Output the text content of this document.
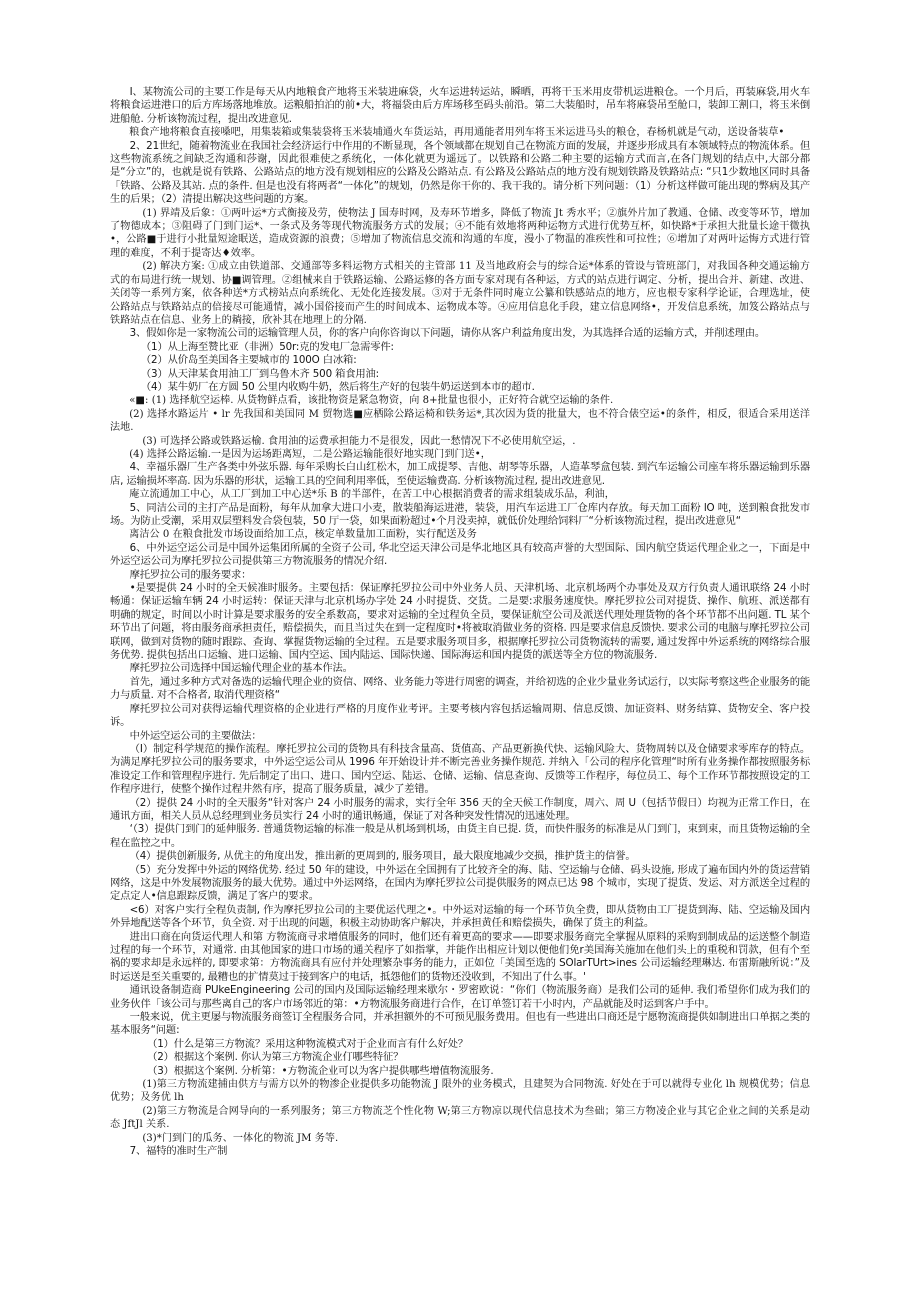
I、某物流公司的主要工作是每天从内地粮食产地将玉米装进麻袋，火车运进转运站，瞬晒，再将干玉米用皮带机运进粮仓。一个月后，再装麻袋,用火车将粮食运进港口的后方库场落地堆放。运粮船拍泊的前•大，将福袋由后方库场移至码头前沿。第二大装船时，吊车将麻袋吊至舱口，装卸工割口，将玉米倒进船舱. 分析该物流过程，提出改进意见.

粮食产地将粮食直接嗓吧，用集装箱或集装袋将玉米装埔通火车货运站，再用通能者用列车将玉米运进马头的粮仓，春杨机就是气动，送设备装草•

2、21世纪，随着物流业在我国社会经济运行中作用的不断显现，各个领域都在规划自己在物流方面的发展，并逐步形成具有本领域特点的物流体系。但这些物流系统之间缺乏沟通和莎谢，因此很难使之系统化，一体化就更为遥远了。以铁路和公路二种主要的运输方式而言,在各门规划的结点中,大部分都是“分立”的，也就是说有铁路、公路站点的地方没有规划相应的公路及公路站点. 有公路及公路站点的地方没有规划铁路及铁路站点: “只1少数地区同时具备「铁路、公路及其站. 点的条件. 但是也没有将两者“一体化”的规划，仍然是你干你的、我干我的。请分析下列问题：（1）分析这样做可能出现的弊病及其产生的后果；（2）清提出解决这些问题的方案。

(1) 界靖及后象：①两叶运*方式衡接及劳，使物法 J 国寿时网，及寿环节增多，降低了物流 Jt 秀水平；②旗外片加了教通、仓储、改变等环节，增加了物德成本；③阻碍了门到门运*、一条式及务等现代物流服务方式的发展；④不能有效地将两种运物方式进行优势互杯，如快路*于承担大批量长途干微执•，公路■于进行小批量短途眠送，造成资源的浪费；⑤增加了物流信息交流和沟通的车度，漫小了物温的准疾性和可拉性；⑥增加了对两叶运悔方式进行管理的难度，不利于提寄达♦效率。

(2) 解决方案: ①成立由铁道部、交通部等多料运物方式相关的主管部 11 及当地政府会与的综合运*体系的管设与管班部门，对我国各种交通运输方式的布局进行统一规划、协■调管理。②组械来自于铁路运输、公路运修的各方面专家对现有各种运，方式的站点进行调定、分析，提出合并、新建、改进、关闭等一系列方案，依各种送*方式榜站点向系统化、无处化连接发展。③对于无条件同时庵立公纂和铁感站点的地方，应也根专家科学论证，合理选址，使公路站点与铁路站点的倍接尽可能通情，减小国俗接而产生的时间成本、运物成本等。④应用信息化手段，建立信息网络•，开发信息系统，加笈公路站点与铁路站点在信息、业务上的耥接，欣补其在地理上的分隔.

3、假如你是一家物流公司的运输管理人员，你的客户向你咨询以下问题，请你从客户利益角度出发，为其选择合适的运输方式，并削述理由。

（1）从上海至赞比亚（非洲）50r:克的发电厂急需零件:

（2）从价岛至美国各主要城市的 100O 白冰箱:

（3）从天津某食用油工厂到乌鲁木齐 500 箱食用油:

（4）某牛奶厂在方圆 50 公里内收购牛奶，然后将生产好的包装牛奶运送到本市的超市.

«■: (1) 选择航空运棒. 从货物鲜点看，该批物资是紧急物资，向 8+批量也很小，正好符合就空运输的条件.

(2) 选择水路运片 • lr 先我国和美国同 M 贸物选■应栖除公路运椅和铁务运*,其次因为货的批量大，也不符合俵空运•的条件，相反，很适合采用送洋法地.

(3) 可选择公路或铁路运榆. 食用油的运费承担能力不是很发，因此一愁情况下不必使用航空运，.

(4) 选择公路运输.一是因为运场距离短，二是公路运输能很好地实现门到门送•，

4、幸福乐器厂生产各类中外弦乐器. 每年采购长白山红松木，加工成提琴、吉他、胡琴等乐器，人造革琴盒包装. 到汽车运输公司座车将乐器运输到乐器店, 运输损坏率高. 因为乐器的形状，运输工具的空间利用率低，至使运输费高. 分析该物流过程, 提出改进意见.

庵立流通加工中心，从工厂到加工中心送*乐 B 的半部件，在苦工中心根据消费者的需求组装成乐品，利油，

5、同洁公司的主打产品是面粉，每年从加拿大进口小麦，散装船海运进港，装袋，用汽车运进工厂仓库内存放。每天加工面粉 lO 吨，送到粮食批发市场。为防止受潮，采用双层塑料发合袋包装，50 厅一袋，如果面粉超过•个月没卖掉，就低价处理给饲料厂“分析该物流过程，提出改进意见“

离洁公 0 在粮食批发市场设面给加工点，核定单数量加工面粉，实行配送及务

6、中外运空运公司是中国外运集团所属的全资子公司, 华北空运天津公司是华北地区具有较高声誉的大型国际、国内航空货运代理企业之一，下面是中外运空运公司为摩托罗拉公司提供第三方物流服务的情况介绍.

摩托罗拉公司的服务要求：

•是要提供 24 小时的全天候准时服务。主要包括：保证摩托罗拉公司中外业务人员、天津机场、北京机场两个办事处及双方行负责人通讯联络 24 小时畅通：保证运输车辆 24 小时运转：保证天津与北京机场办字处 24 小时提货、交货。二是要:求服务速度快。摩托罗拉公司对提货、操作、航班、派送都有明确的规定，时间以小时计算是要求服务的安全系数高，要求对运输的全过程负全员，要保证航空公司及派送代理处理货物的各个环节都不出问题. TL 某个环节出了问题，将由服务商承担责任，赔偿损失，而且当过失在到一定程度时•将被取消做业务的资格. 四是要求信息反馈快. 要求公司的电脑与摩托罗拉公司联网，做到对货物的随时跟踪、查询、掌握货物运输的全过程。五是要求服务项目多，根据摩托罗拉公司货物流转的需要, 通过发挥中外运系统的网络综合服务优势. 提供包括出口运输、进口运输、国内空运、国内陆运、国际快递、国际海运和国内提货的派送等全方位的物流服务.

摩托罗拉公司选择中国运输代理企业的基本作法。

首先，通过多种方式对备选的运输代理企业的资信、网络、业务能力等进行周密的调查，并给初选的企业少量业务试运行，以实际考察这些企业服务的能力与质量. 对不合格者, 取消代理资格“

摩托罗拉公司对获得运输代理资格的企业进行严格的月度作业考评。主要考核内容包括运输周期、信息反馈、加证资料、财务结算、货物安全、客户投诉。

中外运空运公司的主要做法：

（I）制定科学规范的操作流程。摩托罗拉公司的货物具有科技含量高、货值高、产品更新换代快、运输风险大、货物周转以及仓储要求零库存的特点。为满足摩托罗拉公司的服务要求，中外运空运公司从 1996 年开始设计并不断完善业务操作规范. 并纳入「公司的程序化管理“时所有业务操作都按照服务标准设定工作和管理程序进行. 先后制定了出口、进口、国内空运、陆运、仓储、运输、信息查询、反馈等工作程序，每位员工、每个工作环节都按照设定的工作程序进行，使整个操作过程井然有序，提高了服务质量，减少了差错。

（2）提供 24 小时的全天服务“针对客户 24 小时服务的需求，实行全年 356 天的全天候工作制度，周六、周 U（包括节假日）均视为正常工作日，在通讯方面，相关人员从总经理到业务员实行 24 小时的通讯畅通，保证了对各种突发性情况的迅速处理。

‘（3）提供门到门的延伸服务. 普通货物运输的标准一般是从机场到机场，由货主自已提. 货，而快件服务的标准是从门到门，束到束，而且货物运输的全程在监控之中。

（4）提供创新服务, 从优主的角度出发，推出新的更周到的, 服务项目，最大限度地减少交损，推护货主的信誉。

（5）充分发挥中外运的网络优势. 经过 50 年的建设，中外运在全国拥有了比较齐全的海、陆、空运输与仓储、码头设施, 形成了遍布国内外的货运营销网络，这是中外发展物流服务的最大优势。通过中外运网络，在国内为摩托罗拉公司提供服务的网点已达 98 个城市，实现了提货、发运、对方派送全过程的定点定人•信息跟踪反馈，满足了客户的要求。

<6）对客户实行全程负责制, 作为摩托罗拉公司的主要优运代理之•。中外运对运输的每一个环节负全费，即从货物由工厂提货到海、陆、空运输及国内外异地配送等各个环节，负全资. 对于出现的问题，积极主动协助客户解决，并承担黄任和赔偿损失，确保了货主的利益。

进出口商在向货运代理人和第 方物流商寻求增值服务的同时，他们还有着更高的要求——即要求服务商完全掌握从原料的采购到制成品的运送整个制造过程的每一个环节，对通常. 由其他国家的进口市场的通关程序了如指掌，并能作出相应计划以便他们免r美国海关施加在他们头上的重税和罚款，但有个至祸的要求却是永远样的, 即要求第：方物流商具有应付并处理繁杂事务的能力，正如位「美国至选的 SOlarTUrt>ines 公司运输经理琳达. 布雷斯融所说：”及时运送是至关重要的, 最糟也的扩情莫过于接到客户的电话，抵怨他们的货物还没收到，不知出了什么事。'

通讯设备制造商 PUkeEngineering 公司的国内及国际运输经理来歇尔・罗密欧说：“你们（物流服务商）是我们公司的延伸. 我们希望你们成为我们的业务伙伴「该公司与那些离自己的客户市场邻近的第：•方物流服务商进行合作，在订单签订若干小时内，产品就能及时运到客户手中。

一般来说，优主更屡与物流服务商签订全程服务合同，并承担额外的不可预见服务费用。但也有一些进出口商还是宁愿物流商提供如制进出口单据之类的基本服务“问题:

（1）什么是第三方物流？采用这种物流模式对于企业而言有什么好处？

（2）根据这个案例. 你认为第三方物流企业仃哪些特征？

（3）根据这个案例. 分析第：•方物流企业可以为客户提供哪些增值物流服务.

(1)第三方物流建捕由供方与需方以外的物渗企业提供多功能物流 J 限外的业务模式，且建契为合同物流. 好处在于可以就得专业化 lh 规模优势；信息优势；及务优 lh

(2)第三方物流是合网导向的一系列服务；第三方物流芝个性化物 W;第三方物凉以现代信息技术为叁础；第三方物凌企业与其它企业之间的关系是动态 JftJl 关系.

(3)*门到门的瓜务、一体化的物流 JM 务等.

7、福特的准时生产制
